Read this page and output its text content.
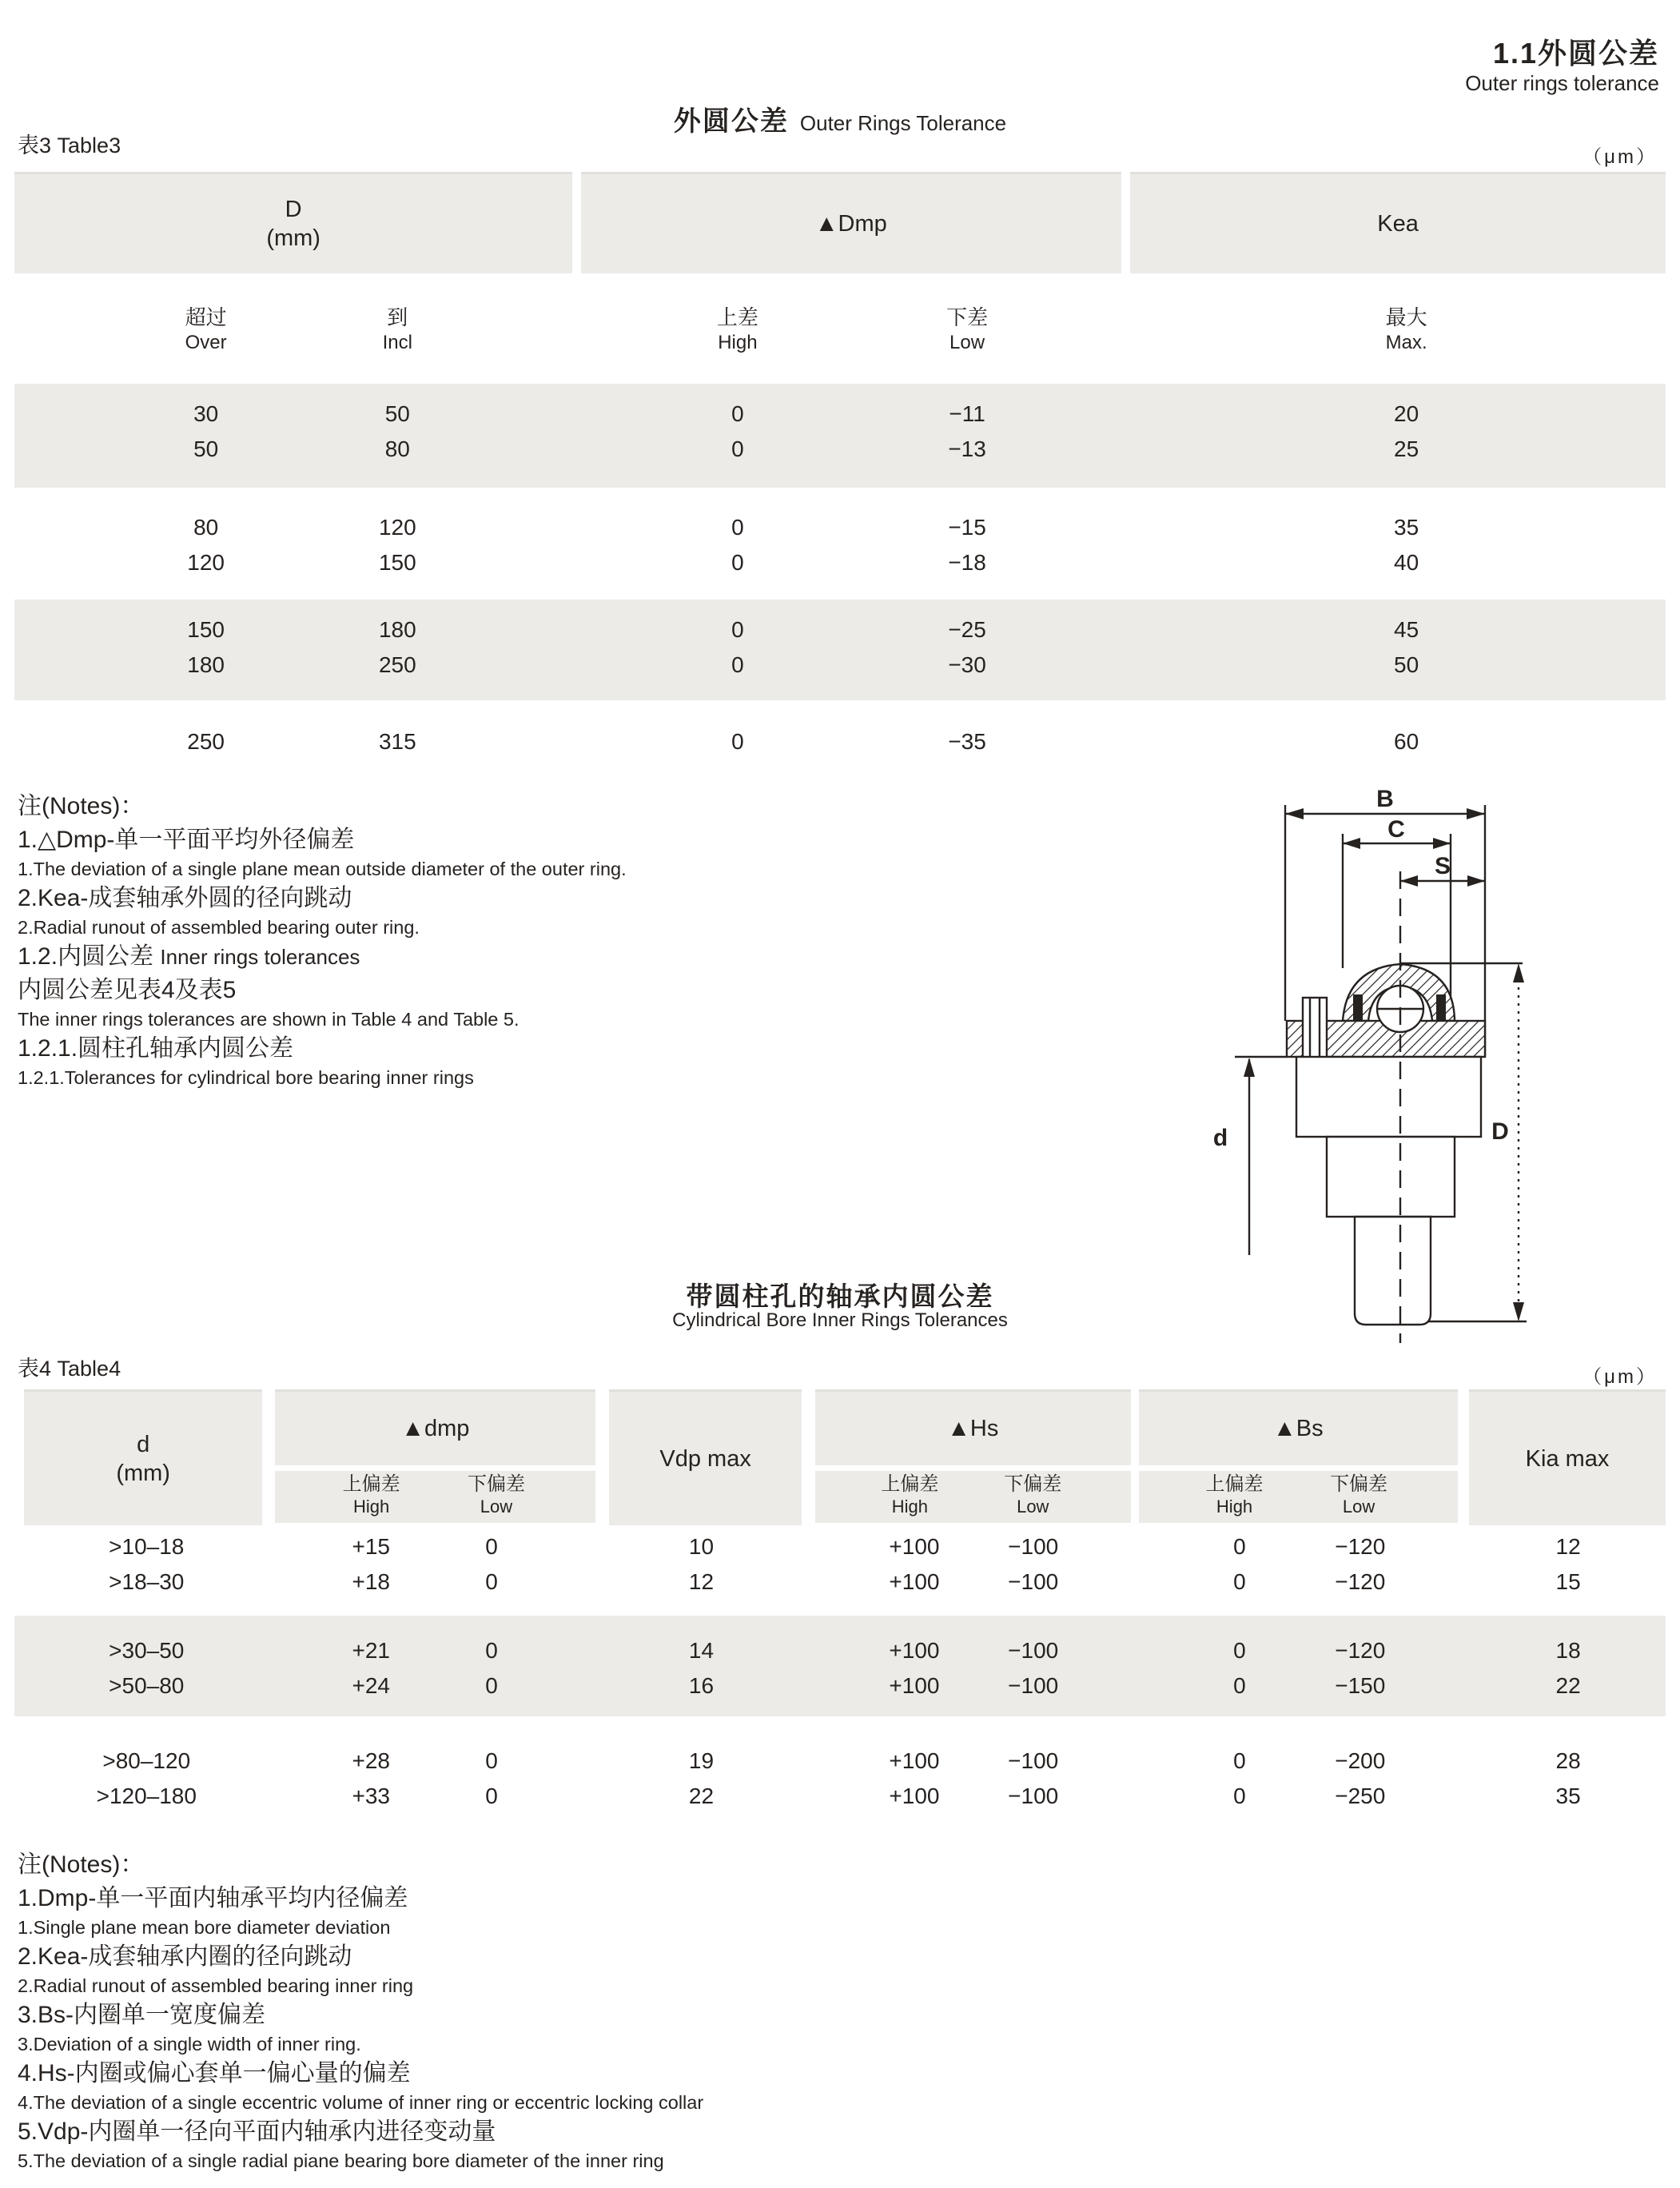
1.1外圆公差
Outer rings tolerance
外圆公差 Outer Rings Tolerance
表3 Table3	（μm）
D
(mm)
▲Dmp	Kea
超过
Over
到
Incl
上差
High
下差
Low
最大
Max.
30	50	0	−11	20
50	80	0	−13	25
80	120	0	−15	35
120	150	0	−18	40
150	180	0	−25	45
180	250	0	−30	50
250	315	0	−35	60
注(Notes)：
1.△Dmp-单一平面平均外径偏差
1.The deviation of a single plane mean outside diameter of the outer ring.
2.Kea-成套轴承外圆的径向跳动
2.Radial runout of assembled bearing outer ring.
1.2.内圆公差 Inner rings tolerances
内圆公差见表4及表5
The inner rings tolerances are shown in Table 4 and Table 5.
1.2.1.圆柱孔轴承内圆公差
1.2.1.Tolerances for cylindrical bore bearing inner rings
B
C
S
d	D
带圆柱孔的轴承内圆公差
Cylindrical Bore Inner Rings Tolerances
表4 Table4	（μm）
d
(mm)
▲dmp
上偏差
High
下偏差
Low
Vdp max
▲Hs
上偏差
High
下偏差
Low
▲Bs
上偏差
High
下偏差
Low
Kia max
>10–18	+15	0	10	+100	−100	0	−120	12
>18–30	+18	0	12	+100	−100	0	−120	15
>30–50	+21	0	14	+100	−100	0	−120	18
>50–80	+24	0	16	+100	−100	0	−150	22
>80–120	+28	0	19	+100	−100	0	−200	28
>120–180	+33	0	22	+100	−100	0	−250	35
注(Notes)：
1.Dmp-单一平面内轴承平均内径偏差
1.Single plane mean bore diameter deviation
2.Kea-成套轴承内圈的径向跳动
2.Radial runout of assembled bearing inner ring
3.Bs-内圈单一宽度偏差
3.Deviation of a single width of inner ring.
4.Hs-内圈或偏心套单一偏心量的偏差
4.The deviation of a single eccentric volume of inner ring or eccentric locking collar
5.Vdp-内圈单一径向平面内轴承内进径变动量
5.The deviation of a single radial piane bearing bore diameter of the inner ring
